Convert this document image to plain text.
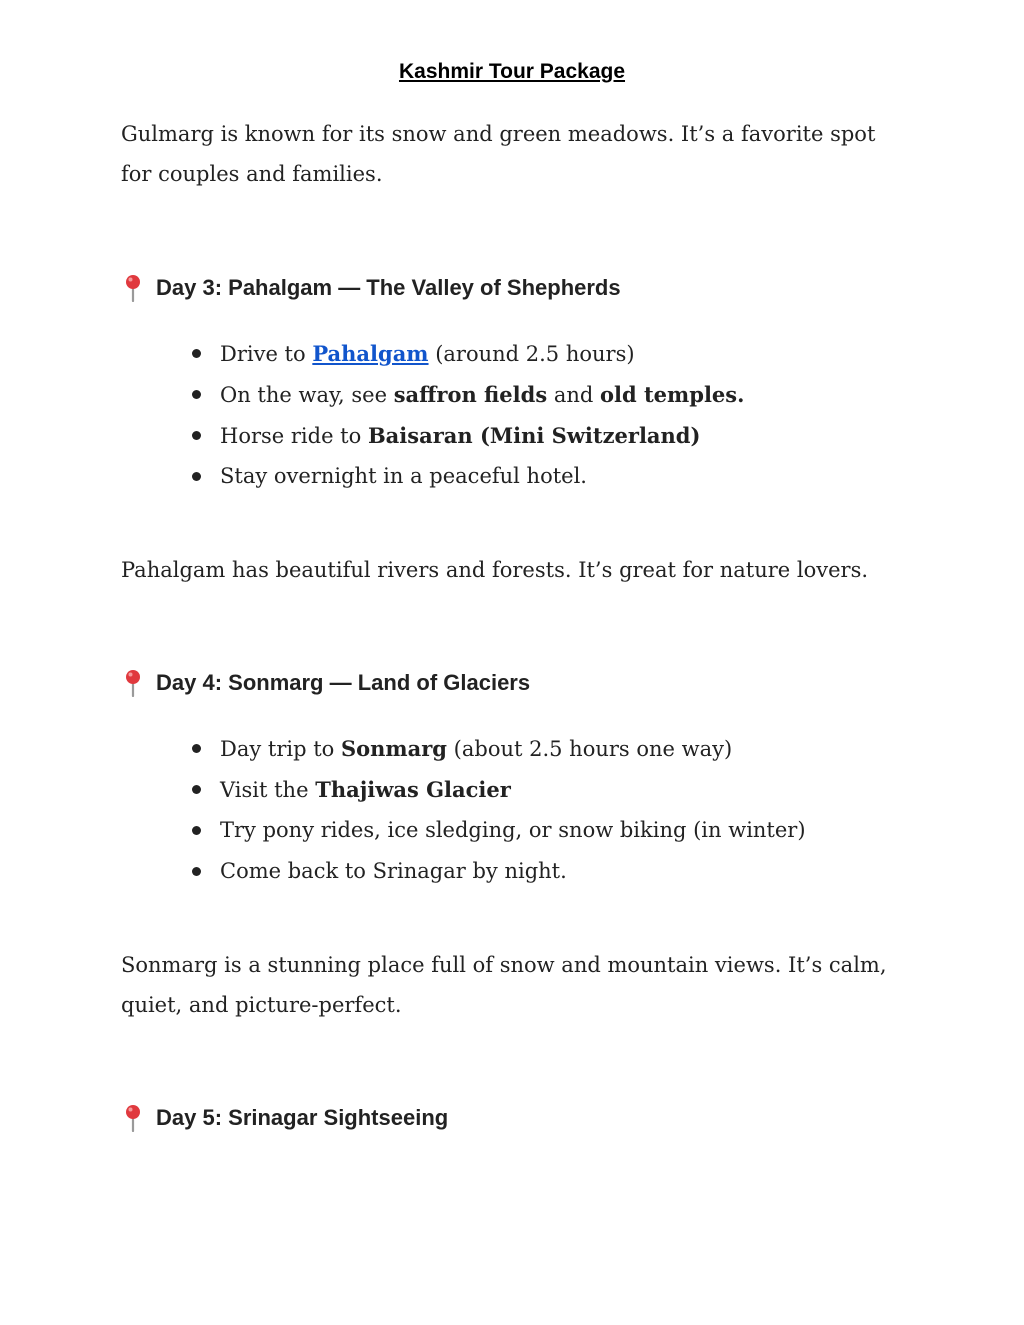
Kashmir Tour Package

Gulmarg is known for its snow and green meadows. It’s a favorite spot for couples and families.

Day 3: Pahalgam — The Valley of Shepherds
Drive to Pahalgam (around 2.5 hours)
On the way, see saffron fields and old temples.
Horse ride to Baisaran (Mini Switzerland)
Stay overnight in a peaceful hotel.

Pahalgam has beautiful rivers and forests. It’s great for nature lovers.

Day 4: Sonmarg — Land of Glaciers
Day trip to Sonmarg (about 2.5 hours one way)
Visit the Thajiwas Glacier
Try pony rides, ice sledging, or snow biking (in winter)
Come back to Srinagar by night.

Sonmarg is a stunning place full of snow and mountain views. It’s calm, quiet, and picture-perfect.

Day 5: Srinagar Sightseeing
